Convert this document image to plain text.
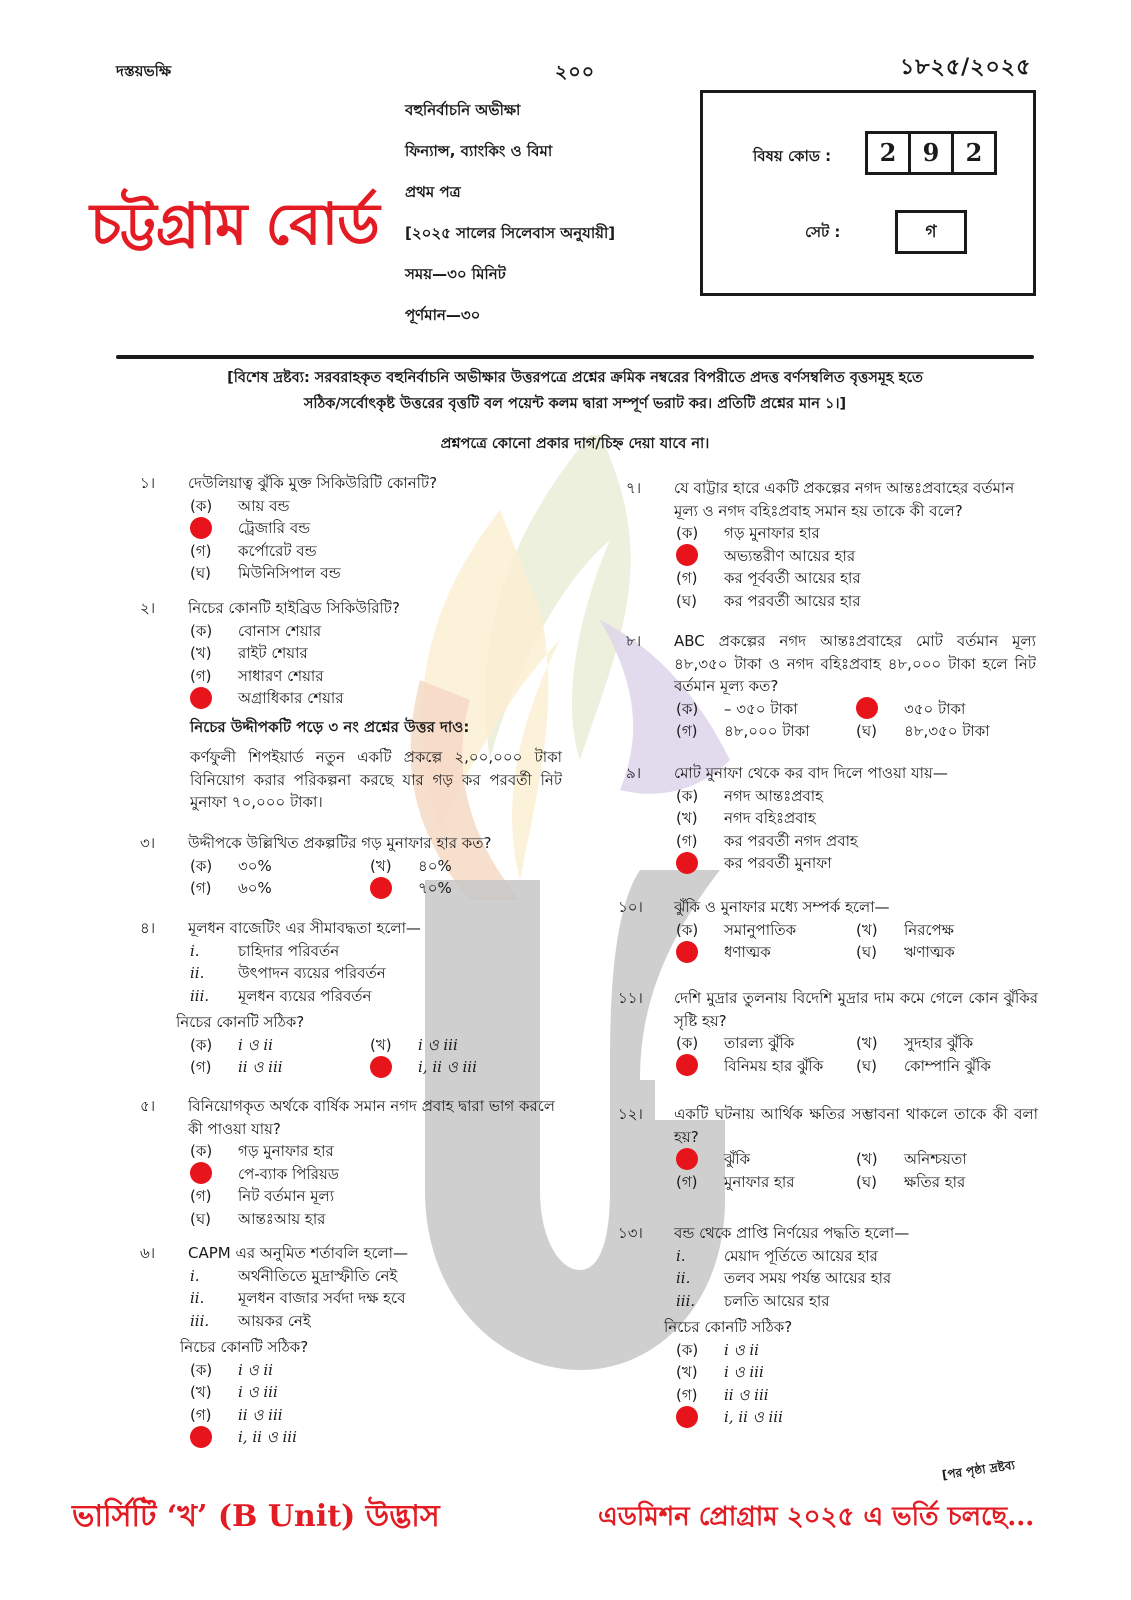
দস্তয়ভক্ষি	২০০	১৮২৫/২০২৫
চট্টগ্রাম বোর্ড
বহুনির্বাচনি অভীক্ষা
ফিন্যান্স, ব্যাংকিং ও বিমা
প্রথম পত্র
[২০২৫ সালের সিলেবাস অনুযায়ী]
সময়—৩০ মিনিট
পূর্ণমান—৩০
বিষয় কোড :	2 9 2
সেট :	গ
[বিশেষ দ্রষ্টব্য: সরবরাহকৃত বহুনির্বাচনি অভীক্ষার উত্তরপত্রে প্রশ্নের ক্রমিক নম্বরের বিপরীতে প্রদত্ত বর্ণসম্বলিত বৃত্তসমূহ হতে
সঠিক/সর্বোৎকৃষ্ট উত্তরের বৃত্তটি বল পয়েন্ট কলম দ্বারা সম্পূর্ণ ভরাট কর। প্রতিটি প্রশ্নের মান ১।]
প্রশ্নপত্রে কোনো প্রকার দাগ/চিহ্ন দেয়া যাবে না।
১। দেউলিয়াত্ব ঝুঁকি মুক্ত সিকিউরিটি কোনটি?
(ক) আয় বন্ড
ট্রেজারি বন্ড
(গ) কর্পোরেট বন্ড
(ঘ) মিউনিসিপাল বন্ড
২। নিচের কোনটি হাইব্রিড সিকিউরিটি?
(ক) বোনাস শেয়ার
(খ) রাইট শেয়ার
(গ) সাধারণ শেয়ার
অগ্রাধিকার শেয়ার
নিচের উদ্দীপকটি পড়ে ৩ নং প্রশ্নের উত্তর দাও:
কর্ণফুলী শিপইয়ার্ড নতুন একটি প্রকল্পে ২,০০,০০০ টাকা বিনিয়োগ করার পরিকল্পনা করছে যার গড় কর পরবর্তী নিট মুনাফা ৭০,০০০ টাকা।
৩। উদ্দীপকে উল্লিখিত প্রকল্পটির গড় মুনাফার হার কত?
(ক) ৩০%	(খ) ৪০%
(গ) ৬০%	৭০%
৪। মূলধন বাজেটিং এর সীমাবদ্ধতা হলো—
i.	চাহিদার পরিবর্তন
ii. উৎপাদন ব্যয়ের পরিবর্তন
iii. মূলধন ব্যয়ের পরিবর্তন
নিচের কোনটি সঠিক?
(ক) i ও ii	(খ) i ও iii
(গ) ii ও iii	i, ii ও iii
৫। বিনিয়োগকৃত অর্থকে বার্ষিক সমান নগদ প্রবাহ দ্বারা ভাগ করলে কী পাওয়া যায়?
(ক) গড় মুনাফার হার
পে-ব্যাক পিরিয়ড
(গ) নিট বর্তমান মূল্য
(ঘ) আন্তঃআয় হার
৬। CAPM এর অনুমিত শর্তাবলি হলো—
i.	অর্থনীতিতে মুদ্রাস্ফীতি নেই
ii. মূলধন বাজার সর্বদা দক্ষ হবে
iii. আয়কর নেই
নিচের কোনটি সঠিক?
(ক) i ও ii
(খ) i ও iii
(গ) ii ও iii
i, ii ও iii
৭। যে বাট্টার হারে একটি প্রকল্পের নগদ আন্তঃপ্রবাহের বর্তমান মূল্য ও নগদ বহিঃপ্রবাহ সমান হয় তাকে কী বলে?
(ক) গড় মুনাফার হার
অভ্যন্তরীণ আয়ের হার
(গ) কর পূর্ববর্তী আয়ের হার
(ঘ) কর পরবর্তী আয়ের হার
৮। ABC প্রকল্পের নগদ আন্তঃপ্রবাহের মোট বর্তমান মূল্য ৪৮,৩৫০ টাকা ও নগদ বহিঃপ্রবাহ ৪৮,০০০ টাকা হলে নিট বর্তমান মূল্য কত?
(ক) – ৩৫০ টাকা	৩৫০ টাকা
(গ) ৪৮,০০০ টাকা	(ঘ) ৪৮,৩৫০ টাকা
৯। মোট মুনাফা থেকে কর বাদ দিলে পাওয়া যায়—
(ক) নগদ আন্তঃপ্রবাহ
(খ) নগদ বহিঃপ্রবাহ
(গ) কর পরবর্তী নগদ প্রবাহ
কর পরবর্তী মুনাফা
১০। ঝুঁকি ও মুনাফার মধ্যে সম্পর্ক হলো—
(ক) সমানুপাতিক	(খ) নিরপেক্ষ
ধণাত্মক	(ঘ) ঋণাত্মক
১১। দেশি মুদ্রার তুলনায় বিদেশি মুদ্রার দাম কমে গেলে কোন ঝুঁকির সৃষ্টি হয়?
(ক) তারল্য ঝুঁকি	(খ) সুদহার ঝুঁকি
বিনিময় হার ঝুঁকি	(ঘ) কোম্পানি ঝুঁকি
১২। একটি ঘটনায় আর্থিক ক্ষতির সম্ভাবনা থাকলে তাকে কী বলা হয়?
ঝুঁকি	(খ) অনিশ্চয়তা
(গ) মুনাফার হার	(ঘ) ক্ষতির হার
১৩। বন্ড থেকে প্রাপ্তি নির্ণয়ের পদ্ধতি হলো—
i.	মেয়াদ পূর্তিতে আয়ের হার
ii. তলব সময় পর্যন্ত আয়ের হার
iii. চলতি আয়ের হার
নিচের কোনটি সঠিক?
(ক) i ও ii
(খ) i ও iii
(গ) ii ও iii
i, ii ও iii
[পর পৃষ্ঠা দ্রষ্টব্য
ভার্সিটি ‘খ’ (B Unit) উদ্ভাস	এডমিশন প্রোগ্রাম ২০২৫ এ ভর্তি চলছে...
